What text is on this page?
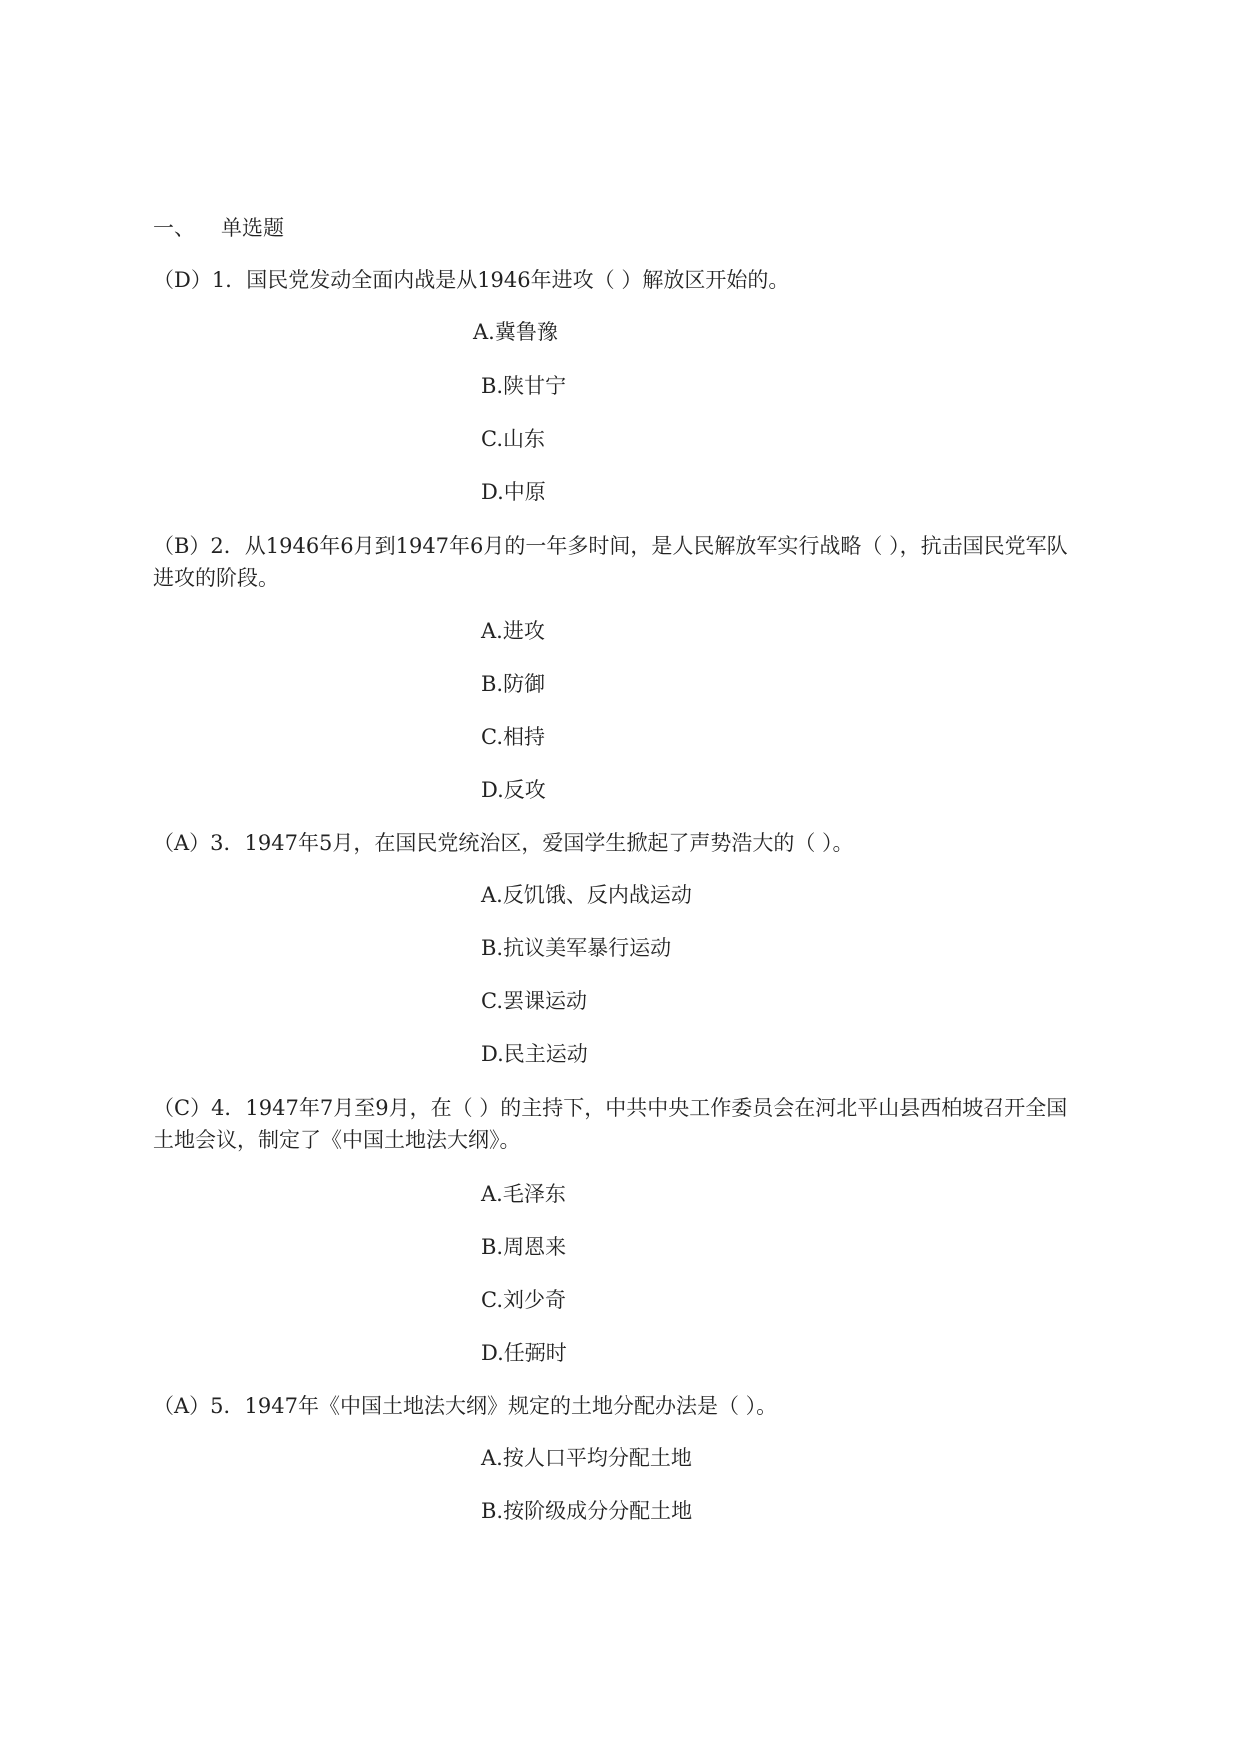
一、 单选题
（D）1．国民党发动全面内战是从1946年进攻（ ）解放区开始的。
A.冀鲁豫
B.陕甘宁
C.山东
D.中原
（B）2．从1946年6月到1947年6月的一年多时间，是人民解放军实行战略（ ），抗击国民党军队进攻的阶段。
A.进攻
B.防御
C.相持
D.反攻
（A）3．1947年5月，在国民党统治区，爱国学生掀起了声势浩大的（ ）。
A.反饥饿、反内战运动
B.抗议美军暴行运动
C.罢课运动
D.民主运动
（C）4．1947年7月至9月，在（ ）的主持下，中共中央工作委员会在河北平山县西柏坡召开全国土地会议，制定了《中国土地法大纲》。
A.毛泽东
B.周恩来
C.刘少奇
D.任弼时
（A）5．1947年《中国土地法大纲》规定的土地分配办法是（ ）。
A.按人口平均分配土地
B.按阶级成分分配土地
